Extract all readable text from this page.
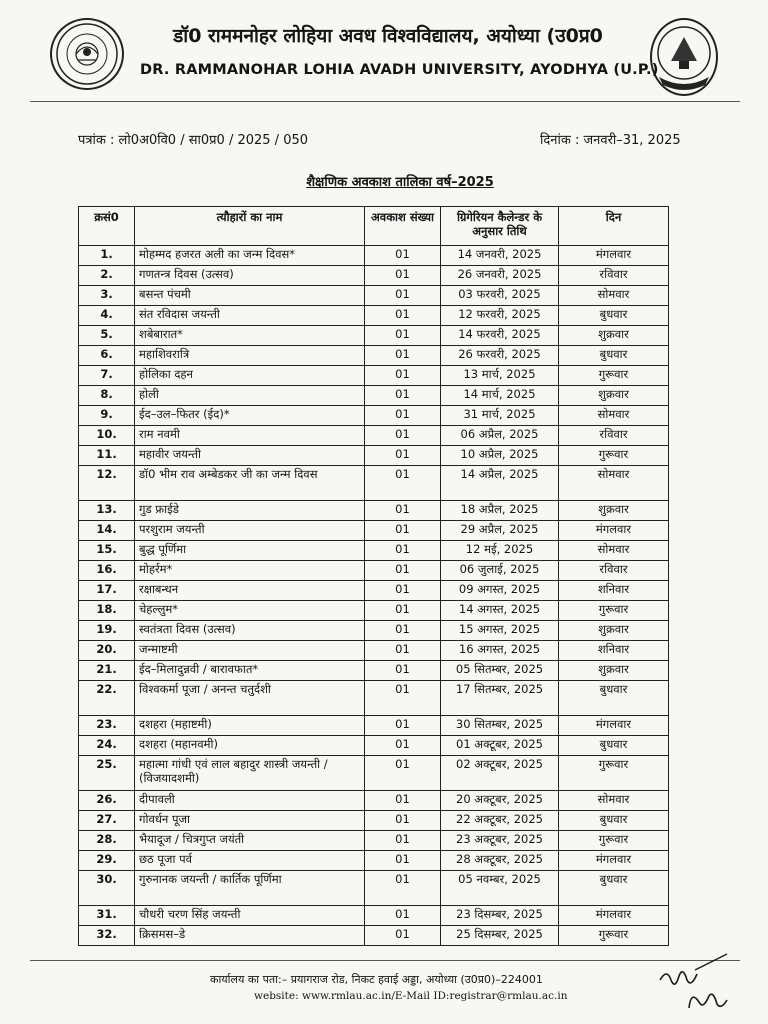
डॉ0 राममनोहर लोहिया अवध विश्वविद्यालय, अयोध्या (उ0प्र0
DR. RAMMANOHAR LOHIA AVADH UNIVERSITY, AYODHYA (U.P.)
पत्रांक : लो0अ0वि0 / सा0प्र0 / 2025 / 050	दिनांक : जनवरी–31, 2025
शैक्षणिक अवकाश तालिका वर्ष–2025
क्रसं0	त्यौहारों का नाम	अवकाश संख्या	ग्रिगेरियन कैलेन्डर के अनुसार तिथि	दिन
1.	मोहम्मद हजरत अली का जन्म दिवस*	01	14 जनवरी, 2025	मंगलवार
2.	गणतन्त्र दिवस (उत्सव)	01	26 जनवरी, 2025	रविवार
3.	बसन्त पंचमी	01	03 फरवरी, 2025	सोमवार
4.	संत रविदास जयन्ती	01	12 फरवरी, 2025	बुधवार
5.	शबेबारात*	01	14 फरवरी, 2025	शुक्रवार
6.	महाशिवरात्रि	01	26 फरवरी, 2025	बुधवार
7.	होलिका दहन	01	13 मार्च, 2025	गुरूवार
8.	होली	01	14 मार्च, 2025	शुक्रवार
9.	ईद–उल–फितर (ईद)*	01	31 मार्च, 2025	सोमवार
10.	राम नवमी	01	06 अप्रैल, 2025	रविवार
11.	महावीर जयन्ती	01	10 अप्रैल, 2025	गुरूवार
12.	डॉ0 भीम राव अम्बेडकर जी का जन्म दिवस	01	14 अप्रैल, 2025	सोमवार
13.	गुड फ्राईडे	01	18 अप्रैल, 2025	शुक्रवार
14.	परशुराम जयन्ती	01	29 अप्रैल, 2025	मंगलवार
15.	बुद्ध पूर्णिमा	01	12 मई, 2025	सोमवार
16.	मोहर्रम*	01	06 जुलाई, 2025	रविवार
17.	रक्षाबन्धन	01	09 अगस्त, 2025	शनिवार
18.	चेहल्लुम*	01	14 अगस्त, 2025	गुरूवार
19.	स्वतंत्रता दिवस (उत्सव)	01	15 अगस्त, 2025	शुक्रवार
20.	जन्माष्टमी	01	16 अगस्त, 2025	शनिवार
21.	ईद–मिलादुन्नवी / बारावफात*	01	05 सितम्बर, 2025	शुक्रवार
22.	विश्वकर्मा पूजा / अनन्त चतुर्दशी	01	17 सितम्बर, 2025	बुधवार
23.	दशहरा (महाष्टमी)	01	30 सितम्बर, 2025	मंगलवार
24.	दशहरा (महानवमी)	01	01 अक्टूबर, 2025	बुधवार
25.	महात्मा गांधी एवं लाल बहादुर शास्त्री जयन्ती / (विजयादशमी)	01	02 अक्टूबर, 2025	गुरूवार
26.	दीपावली	01	20 अक्टूबर, 2025	सोमवार
27.	गोवर्धन पूजा	01	22 अक्टूबर, 2025	बुधवार
28.	भैयादूज / चित्रगुप्त जयंती	01	23 अक्टूबर, 2025	गुरूवार
29.	छठ पूजा पर्व	01	28 अक्टूबर, 2025	मंगलवार
30.	गुरुनानक जयन्ती / कार्तिक पूर्णिमा	01	05 नवम्बर, 2025	बुधवार
31.	चौधरी चरण सिंह जयन्ती	01	23 दिसम्बर, 2025	मंगलवार
32.	क्रिसमस–डे	01	25 दिसम्बर, 2025	गुरूवार
कार्यालय का पता:– प्रयागराज रोड, निकट हवाई अड्डा, अयोध्या (उ0प्र0)–224001
website: www.rmlau.ac.in/E-Mail ID:registrar@rmlau.ac.in
